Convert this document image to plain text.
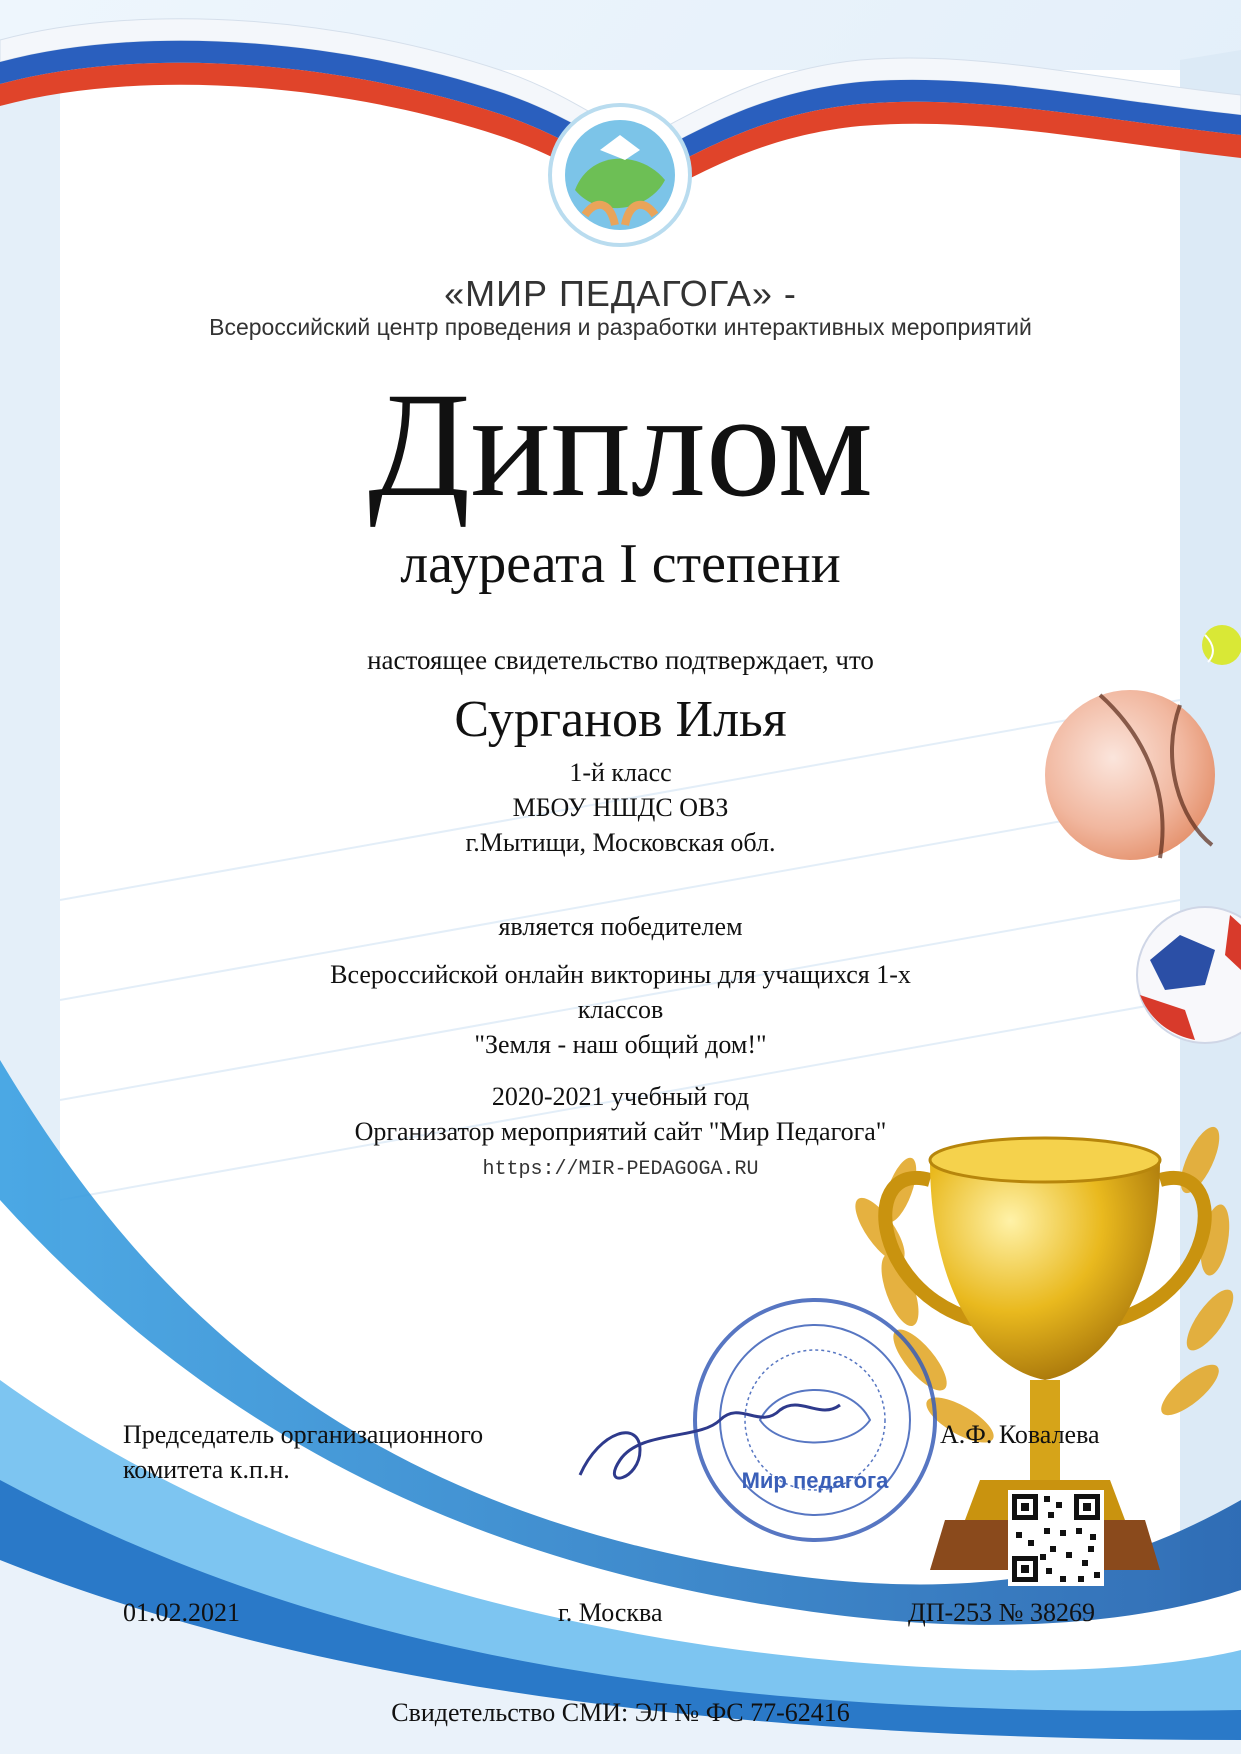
«МИР ПЕДАГОГА» -
Всероссийский центр проведения и разработки интерактивных мероприятий
Диплом
лауреата I степени
настоящее свидетельство подтверждает, что
Сурганов Илья
1-й класс
МБОУ НШДС ОВЗ
г.Мытищи, Московская обл.
является победителем
Всероссийской онлайн викторины для учащихся 1-х
классов
"Земля - наш общий дом!"
2020-2021 учебный год
Организатор мероприятий сайт "Мир Педагога"
https://MIR-PEDAGOGA.RU
Мир педагога
Председатель организационного
комитета к.п.н.
А.Ф. Ковалева
01.02.2021	г. Москва	ДП-253 № 38269
Свидетельство СМИ: ЭЛ № ФС 77-62416
